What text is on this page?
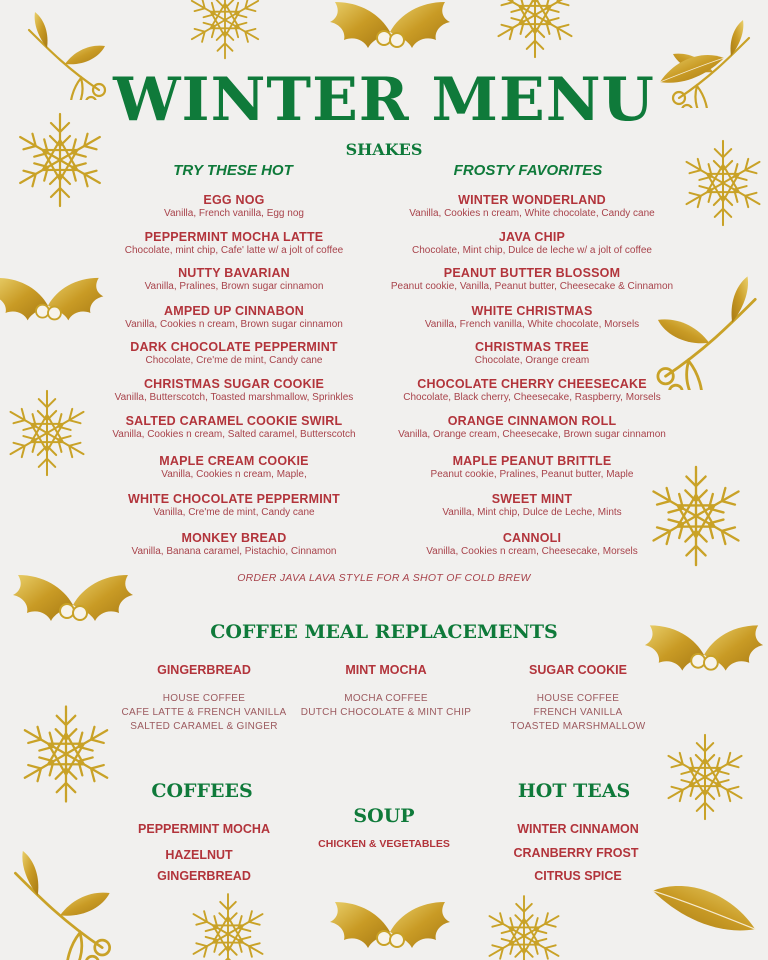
WINTER MENU
SHAKES
TRY THESE HOT	FROSTY FAVORITES
EGG NOG
Vanilla, French vanilla, Egg nog
PEPPERMINT MOCHA LATTE
Chocolate, mint chip, Cafe' latte w/ a jolt of coffee
NUTTY BAVARIAN
Vanilla, Pralines, Brown sugar cinnamon
AMPED UP CINNABON
Vanilla, Cookies n cream, Brown sugar cinnamon
DARK CHOCOLATE PEPPERMINT
Chocolate, Cre'me de mint, Candy cane
CHRISTMAS SUGAR COOKIE
Vanilla, Butterscotch, Toasted marshmallow, Sprinkles
SALTED CARAMEL COOKIE SWIRL
Vanilla, Cookies n cream, Salted caramel, Butterscotch
MAPLE CREAM COOKIE
Vanilla, Cookies n cream, Maple,
WHITE CHOCOLATE PEPPERMINT
Vanilla, Cre'me de mint, Candy cane
MONKEY BREAD
Vanilla, Banana caramel, Pistachio, Cinnamon
WINTER WONDERLAND
Vanilla, Cookies n cream, White chocolate, Candy cane
JAVA CHIP
Chocolate, Mint chip, Dulce de leche w/ a jolt of coffee
PEANUT BUTTER BLOSSOM
Peanut cookie, Vanilla, Peanut butter, Cheesecake & Cinnamon
WHITE CHRISTMAS
Vanilla, French vanilla, White chocolate, Morsels
CHRISTMAS TREE
Chocolate, Orange cream
CHOCOLATE CHERRY CHEESECAKE
Chocolate, Black cherry, Cheesecake, Raspberry, Morsels
ORANGE CINNAMON ROLL
Vanilla, Orange cream, Cheesecake, Brown sugar cinnamon
MAPLE PEANUT BRITTLE
Peanut cookie, Pralines, Peanut butter, Maple
SWEET MINT
Vanilla, Mint chip, Dulce de Leche, Mints
CANNOLI
Vanilla, Cookies n cream, Cheesecake, Morsels
ORDER JAVA LAVA STYLE FOR A SHOT OF COLD BREW
COFFEE MEAL REPLACEMENTS
GINGERBREAD
HOUSE COFFEE
CAFE LATTE & FRENCH VANILLA
SALTED CARAMEL & GINGER
MINT MOCHA
MOCHA COFFEE
DUTCH CHOCOLATE & MINT CHIP
SUGAR COOKIE
HOUSE COFFEE
FRENCH VANILLA
TOASTED MARSHMALLOW
COFFEES
PEPPERMINT MOCHA
HAZELNUT
GINGERBREAD
SOUP
CHICKEN & VEGETABLES
HOT TEAS
WINTER CINNAMON
CRANBERRY FROST
CITRUS SPICE
